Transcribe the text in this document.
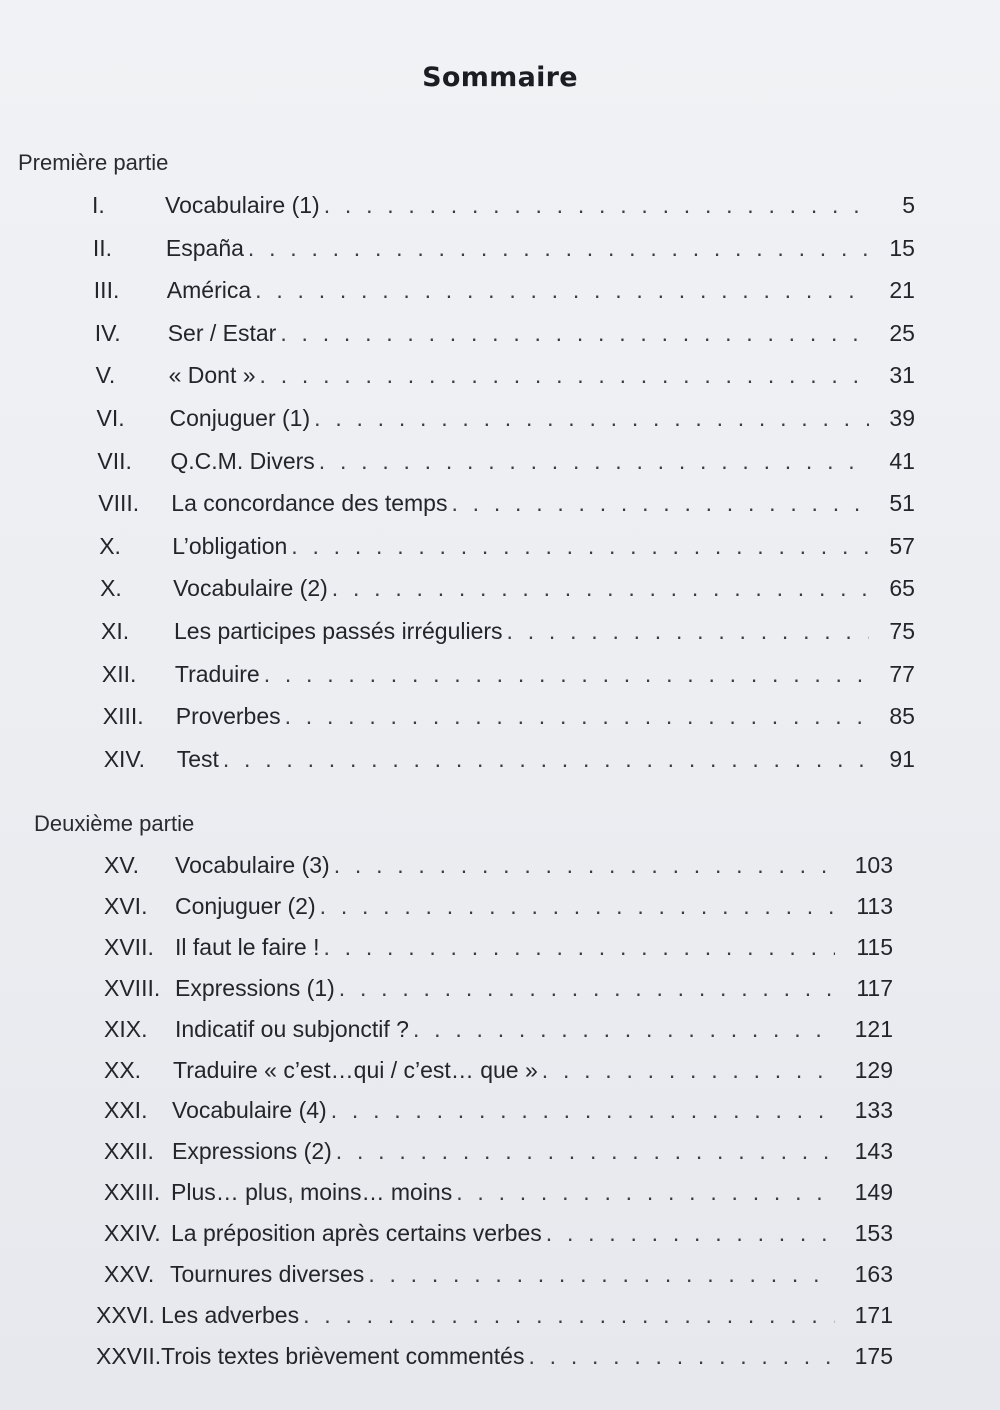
Sommaire
Première partie
I.	Vocabulaire (1) . . .	5
II.	España . . .	15
III.	América . . .	21
IV.	Ser / Estar . . .	25
V.	« Dont » . . .	31
VI.	Conjuguer (1) . . .	39
VII.	Q.C.M. Divers . . .	41
VIII.	La concordance des temps . . .	51
X.	L’obligation . . .	57
X.	Vocabulaire (2) . . .	65
XI.	Les participes passés irréguliers . . .	75
XII.	Traduire . . .	77
XIII.	Proverbes . . .	85
XIV.	Test . . .	91
Deuxième partie
XV.	Vocabulaire (3) . . .	103
XVI.	Conjuguer (2) . . .	113
XVII. Il faut le faire ! . . .	115
XVIII. Expressions (1) . . .	117
XIX.	Indicatif ou subjonctif ? . . .	121
XX.	Traduire « c’est…qui / c’est… que » . . .	129
XXI.	Vocabulaire (4) . . .	133
XXII. Expressions (2) . . .	143
XXIII. Plus… plus, moins… moins . . .	149
XXIV. La préposition après certains verbes . . .	153
XXV. Tournures diverses . . .	163
XXVI. Les adverbes . . .	171
XXVII. Trois textes brièvement commentés . . .	175
